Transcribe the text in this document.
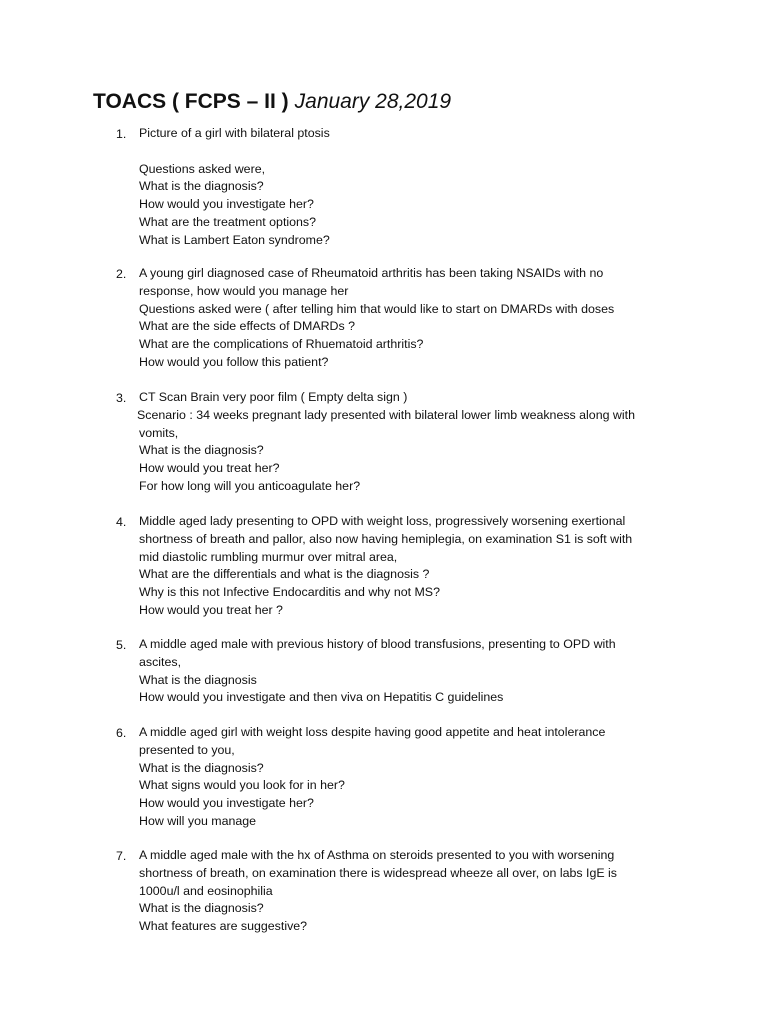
TOACS ( FCPS – II ) January 28,2019
1.	Picture of a girl with bilateral ptosis
Questions asked were,
What is the diagnosis?
How would you investigate her?
What are the treatment options?
What is Lambert Eaton syndrome?
2.	A young girl diagnosed case of Rheumatoid arthritis has been taking NSAIDs with no
response, how would you manage her
Questions asked were ( after telling him that would like to start on DMARDs with doses
What are the side effects of DMARDs ?
What are the complications of Rhuematoid arthritis?
How would you follow this patient?
3.	CT Scan Brain very poor film ( Empty delta sign )
Scenario : 34 weeks pregnant lady presented with bilateral lower limb weakness along with
vomits,
What is the diagnosis?
How would you treat her?
For how long will you anticoagulate her?
4.	Middle aged lady presenting to OPD with weight loss, progressively worsening exertional
shortness of breath and pallor, also now having hemiplegia, on examination S1 is soft with
mid diastolic rumbling murmur over mitral area,
What are the differentials and what is the diagnosis ?
Why is this not Infective Endocarditis and why not MS?
How would you treat her ?
5.	A middle aged male with previous history of blood transfusions, presenting to OPD with
ascites,
What is the diagnosis
How would you investigate and then viva on Hepatitis C guidelines
6.	A middle aged girl with weight loss despite having good appetite and heat intolerance
presented to you,
What is the diagnosis?
What signs would you look for in her?
How would you investigate her?
How will you manage
7.	A middle aged male with the hx of Asthma on steroids presented to you with worsening
shortness of breath, on examination there is widespread wheeze all over, on labs IgE is
1000u/l and eosinophilia
What is the diagnosis?
What features are suggestive?
